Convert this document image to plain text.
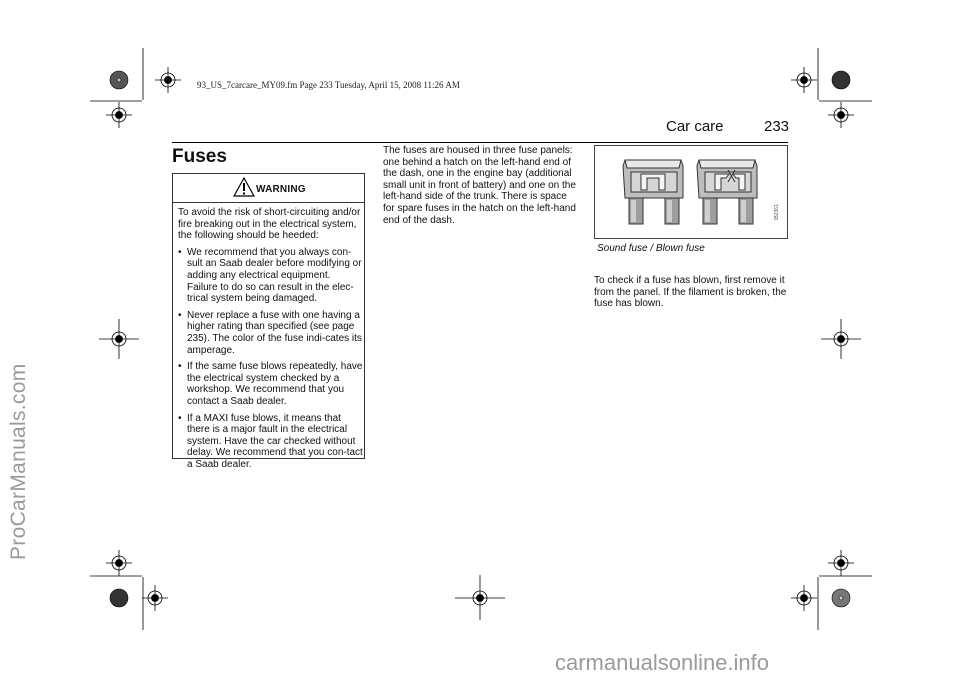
93_US_7carcare_MY09.fm Page 233 Tuesday, April 15, 2008 11:26 AM
Car care	233
Fuses
WARNING

To avoid the risk of short-circuiting and/or fire breaking out in the electrical system, the following should be heeded:

• We recommend that you always con-sult an Saab dealer before modifying or adding any electrical equipment. Failure to do so can result in the elec-trical system being damaged.
• Never replace a fuse with one having a higher rating than specified (see page 235). The color of the fuse indi-cates its amperage.
• If the same fuse blows repeatedly, have the electrical system checked by a workshop. We recommend that you contact a Saab dealer.
• If a MAXI fuse blows, it means that there is a major fault in the electrical system. Have the car checked without delay. We recommend that you con-tact a Saab dealer.
The fuses are housed in three fuse panels: one behind a hatch on the left-hand end of the dash, one in the engine bay (additional small unit in front of battery) and one on the left-hand side of the trunk. There is space for spare fuses in the hatch on the left-hand end of the dash.
IB2361
Sound fuse / Blown fuse
To check if a fuse has blown, first remove it from the panel. If the filament is broken, the fuse has blown.
ProCarManuals.com
carmanualsonline.info
